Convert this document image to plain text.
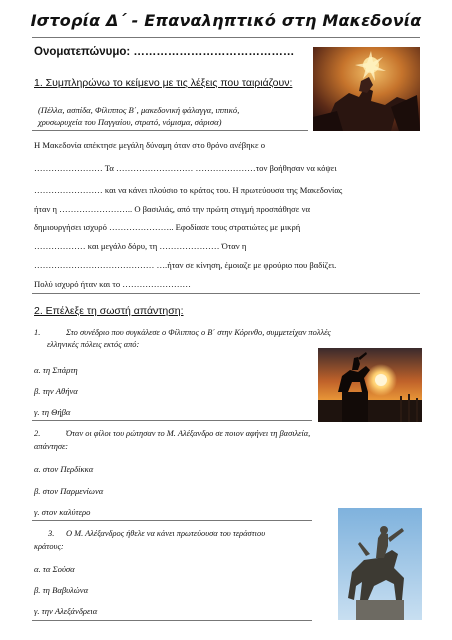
Ιστορία Δ΄ - Επαναληπτικό στη Μακεδονία
Ονοματεπώνυμο: ……………………………………
1. Συμπληρώνω το κείμενο με τις λέξεις που ταιριάζουν:
(Πέλλα, ασπίδα, Φίλιππος Β΄, μακεδονική φάλαγγα, ιππικό,
χρυσωρυχεία του Παγγαίου, στρατό, νόμισμα, σάρισα)
Η Μακεδονία απέκτησε μεγάλη δύναμη όταν στο θρόνο ανέβηκε ο
…………………… Τα ……………………… …………………τον βοήθησαν να κόψει
…………………… και να κάνει πλούσιο το κράτος του. Η πρωτεύουσα της Μακεδονίας
ήταν η …………………….. Ο βασιλιάς, από την πρώτη στιγμή προσπάθησε να
δημιουργήσει ισχυρό ………………….. Εφοδίασε τους στρατιώτες με μικρή
……………… και μεγάλο δόρυ, τη ………………… Όταν η
…………………………………… ….ήταν σε κίνηση, έμοιαζε με φρούριο που βαδίζει.
Πολύ ισχυρό ήταν και το ……………………
2. Επέλεξε τη σωστή απάντηση:
1.	Στο συνέδριο που συγκάλεσε ο Φίλιππος ο Β΄ στην Κόρινθο, συμμετείχαν πολλές
ελληνικές πόλεις εκτός από:
α. τη Σπάρτη
β. την Αθήνα
γ. τη Θήβα
2.	Όταν οι φίλοι του ρώτησαν το Μ. Αλέξανδρο σε ποιον αφήνει τη βασιλεία,
απάντησε:
α. στον Περδίκκα
β. στον Παρμενίωνα
γ. στον καλύτερο
3. Ο Μ. Αλέξανδρος ήθελε να κάνει πρωτεύουσα του τεράστιου
κράτους:
α. τα Σούσα
β. τη Βαβυλώνα
γ. την Αλεξάνδρεια
